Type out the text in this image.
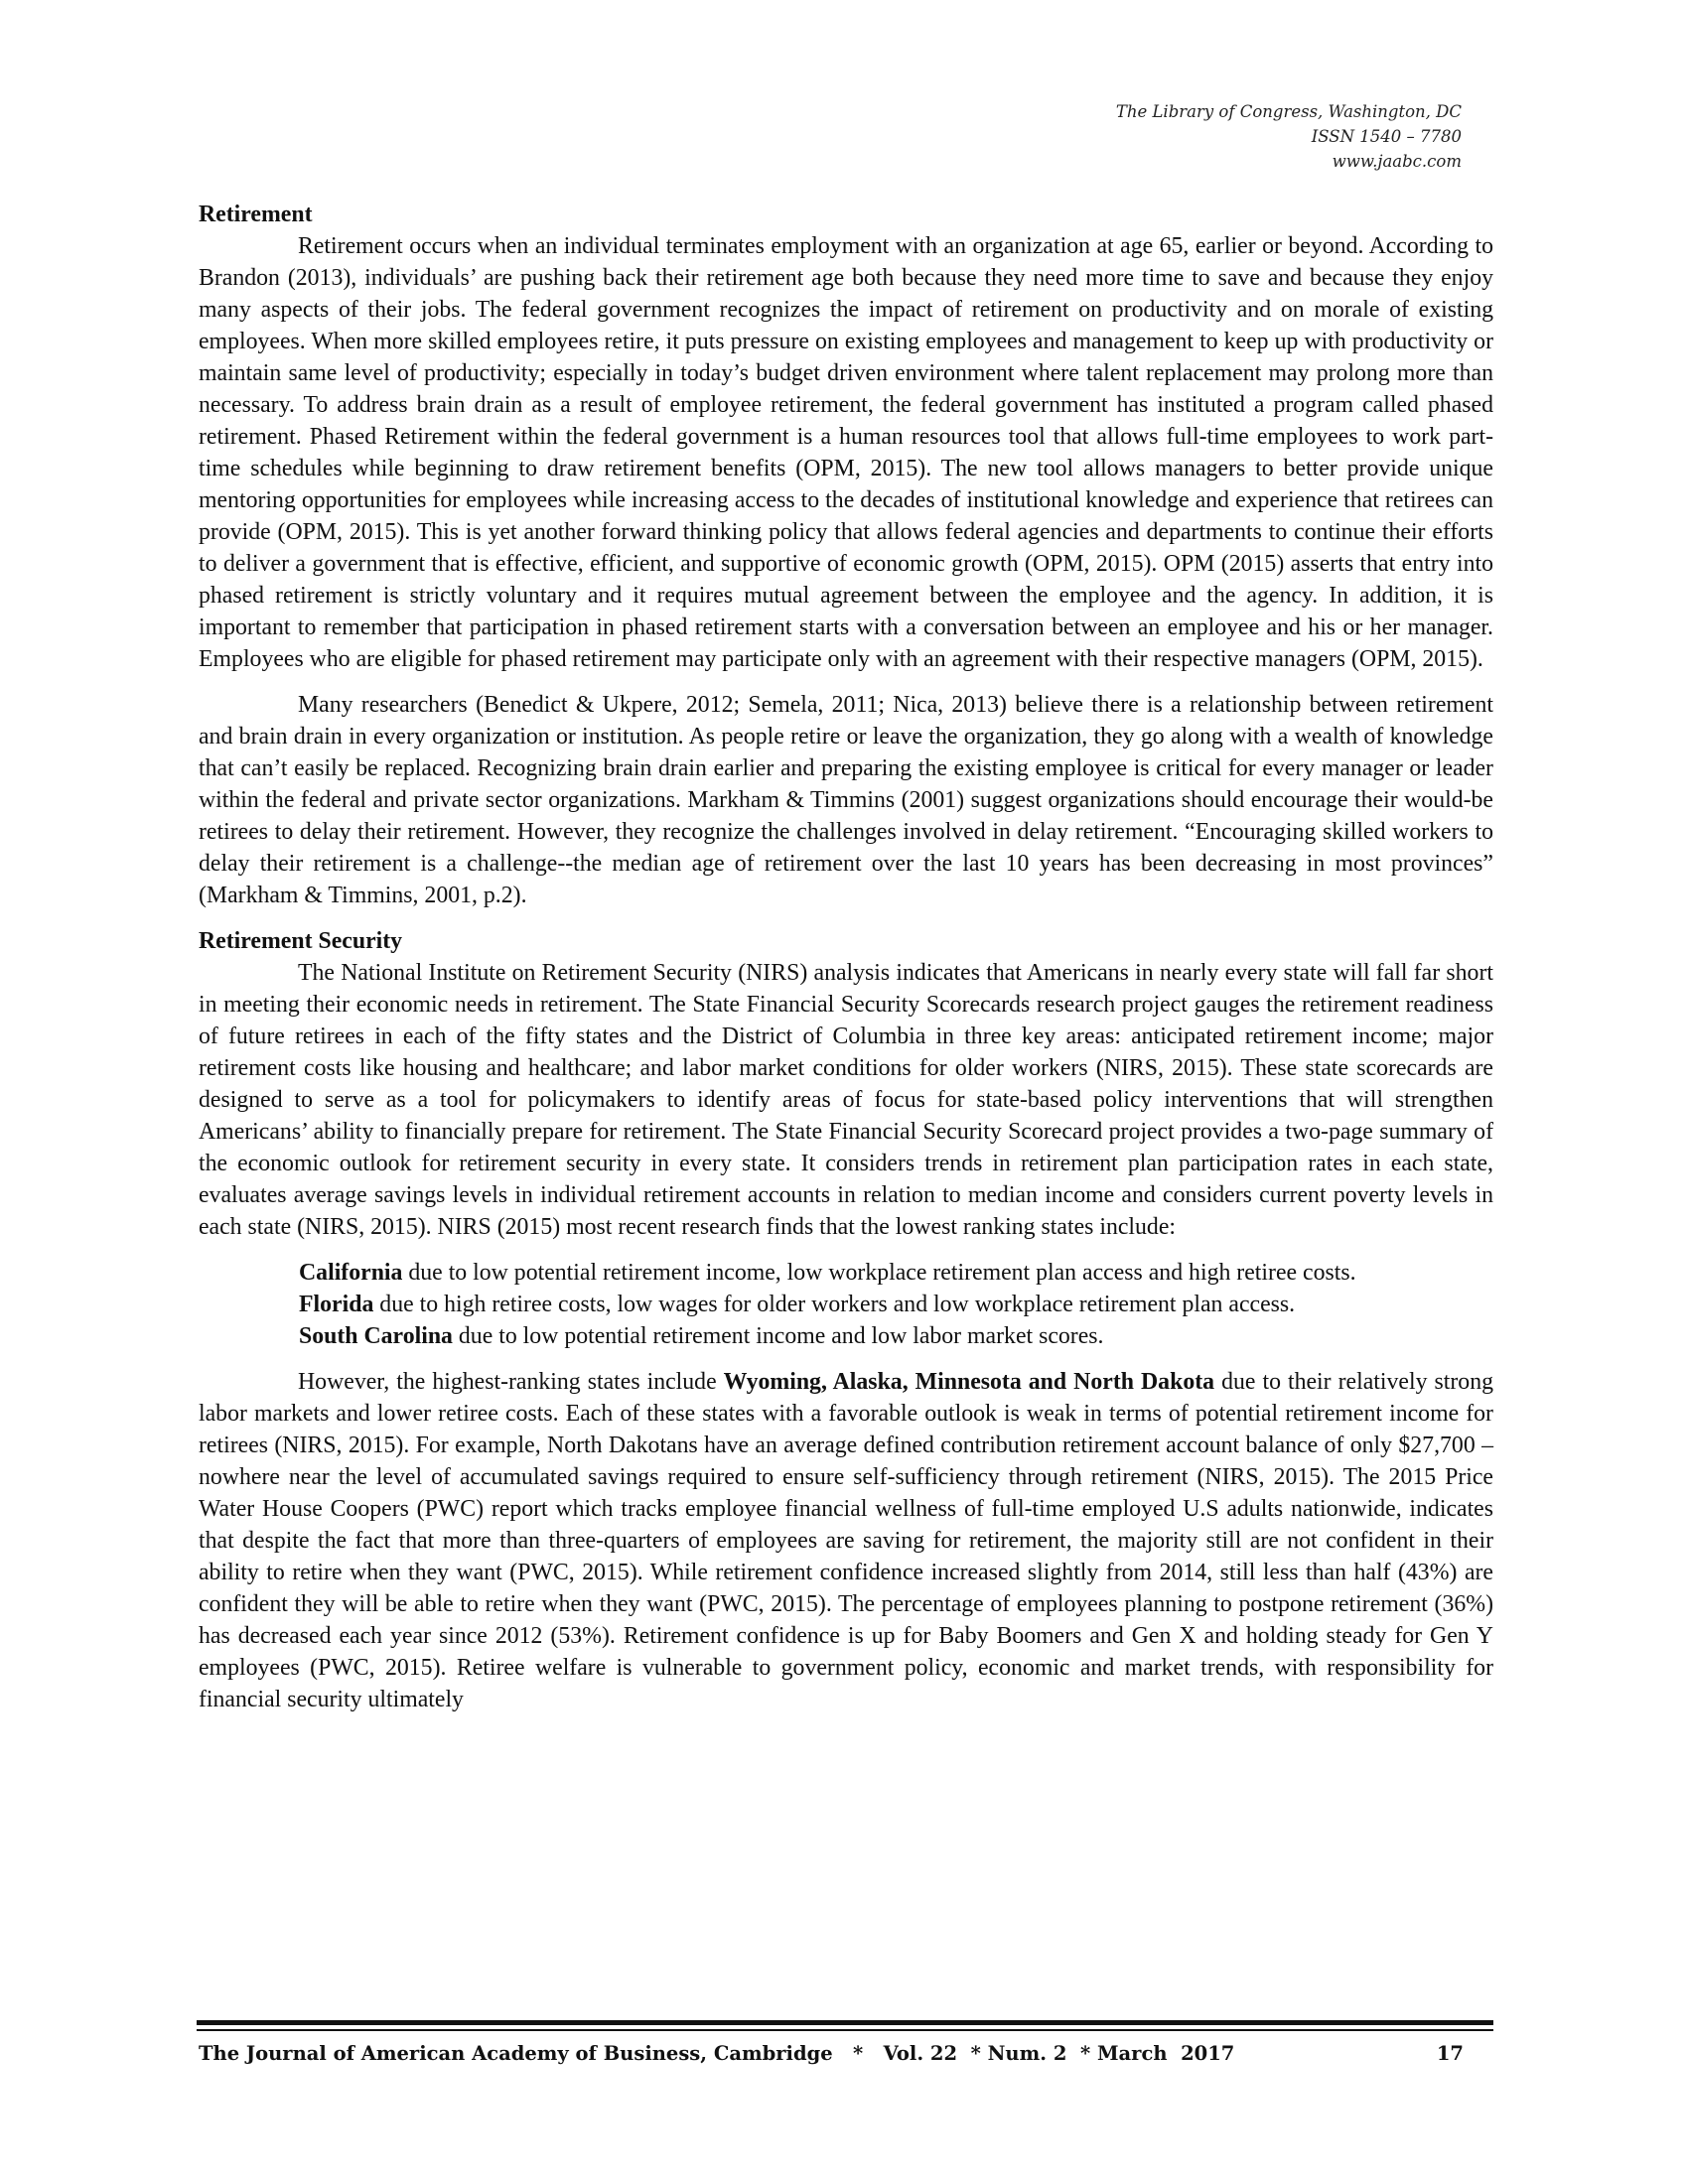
The Library of Congress, Washington, DC
ISSN 1540 – 7780
www.jaabc.com
Retirement

Retirement occurs when an individual terminates employment with an organization at age 65, earlier or beyond. According to Brandon (2013), individuals’ are pushing back their retirement age both because they need more time to save and because they enjoy many aspects of their jobs. The federal government recognizes the impact of retirement on productivity and on morale of existing employees. When more skilled employees retire, it puts pressure on existing employees and management to keep up with productivity or maintain same level of productivity; especially in today’s budget driven environment where talent replacement may prolong more than necessary. To address brain drain as a result of employee retirement, the federal government has instituted a program called phased retirement. Phased Retirement within the federal government is a human resources tool that allows full-time employees to work part-time schedules while beginning to draw retirement benefits (OPM, 2015). The new tool allows managers to better provide unique mentoring opportunities for employees while increasing access to the decades of institutional knowledge and experience that retirees can provide (OPM, 2015). This is yet another forward thinking policy that allows federal agencies and departments to continue their efforts to deliver a government that is effective, efficient, and supportive of economic growth (OPM, 2015). OPM (2015) asserts that entry into phased retirement is strictly voluntary and it requires mutual agreement between the employee and the agency. In addition, it is important to remember that participation in phased retirement starts with a conversation between an employee and his or her manager. Employees who are eligible for phased retirement may participate only with an agreement with their respective managers (OPM, 2015).

Many researchers (Benedict & Ukpere, 2012; Semela, 2011; Nica, 2013) believe there is a relationship between retirement and brain drain in every organization or institution. As people retire or leave the organization, they go along with a wealth of knowledge that can’t easily be replaced. Recognizing brain drain earlier and preparing the existing employee is critical for every manager or leader within the federal and private sector organizations. Markham & Timmins (2001) suggest organizations should encourage their would-be retirees to delay their retirement. However, they recognize the challenges involved in delay retirement. “Encouraging skilled workers to delay their retirement is a challenge--the median age of retirement over the last 10 years has been decreasing in most provinces” (Markham & Timmins, 2001, p.2).

Retirement Security

The National Institute on Retirement Security (NIRS) analysis indicates that Americans in nearly every state will fall far short in meeting their economic needs in retirement. The State Financial Security Scorecards research project gauges the retirement readiness of future retirees in each of the fifty states and the District of Columbia in three key areas: anticipated retirement income; major retirement costs like housing and healthcare; and labor market conditions for older workers (NIRS, 2015). These state scorecards are designed to serve as a tool for policymakers to identify areas of focus for state-based policy interventions that will strengthen Americans’ ability to financially prepare for retirement. The State Financial Security Scorecard project provides a two-page summary of the economic outlook for retirement security in every state. It considers trends in retirement plan participation rates in each state, evaluates average savings levels in individual retirement accounts in relation to median income and considers current poverty levels in each state (NIRS, 2015). NIRS (2015) most recent research finds that the lowest ranking states include:

California due to low potential retirement income, low workplace retirement plan access and high retiree costs.
Florida due to high retiree costs, low wages for older workers and low workplace retirement plan access.
South Carolina due to low potential retirement income and low labor market scores.

However, the highest-ranking states include Wyoming, Alaska, Minnesota and North Dakota due to their relatively strong labor markets and lower retiree costs. Each of these states with a favorable outlook is weak in terms of potential retirement income for retirees (NIRS, 2015). For example, North Dakotans have an average defined contribution retirement account balance of only $27,700 – nowhere near the level of accumulated savings required to ensure self-sufficiency through retirement (NIRS, 2015). The 2015 Price Water House Coopers (PWC) report which tracks employee financial wellness of full-time employed U.S adults nationwide, indicates that despite the fact that more than three-quarters of employees are saving for retirement, the majority still are not confident in their ability to retire when they want (PWC, 2015). While retirement confidence increased slightly from 2014, still less than half (43%) are confident they will be able to retire when they want (PWC, 2015). The percentage of employees planning to postpone retirement (36%) has decreased each year since 2012 (53%). Retirement confidence is up for Baby Boomers and Gen X and holding steady for Gen Y employees (PWC, 2015). Retiree welfare is vulnerable to government policy, economic and market trends, with responsibility for financial security ultimately

The Journal of American Academy of Business, Cambridge   *   Vol. 22  * Num. 2  * March  2017	17
